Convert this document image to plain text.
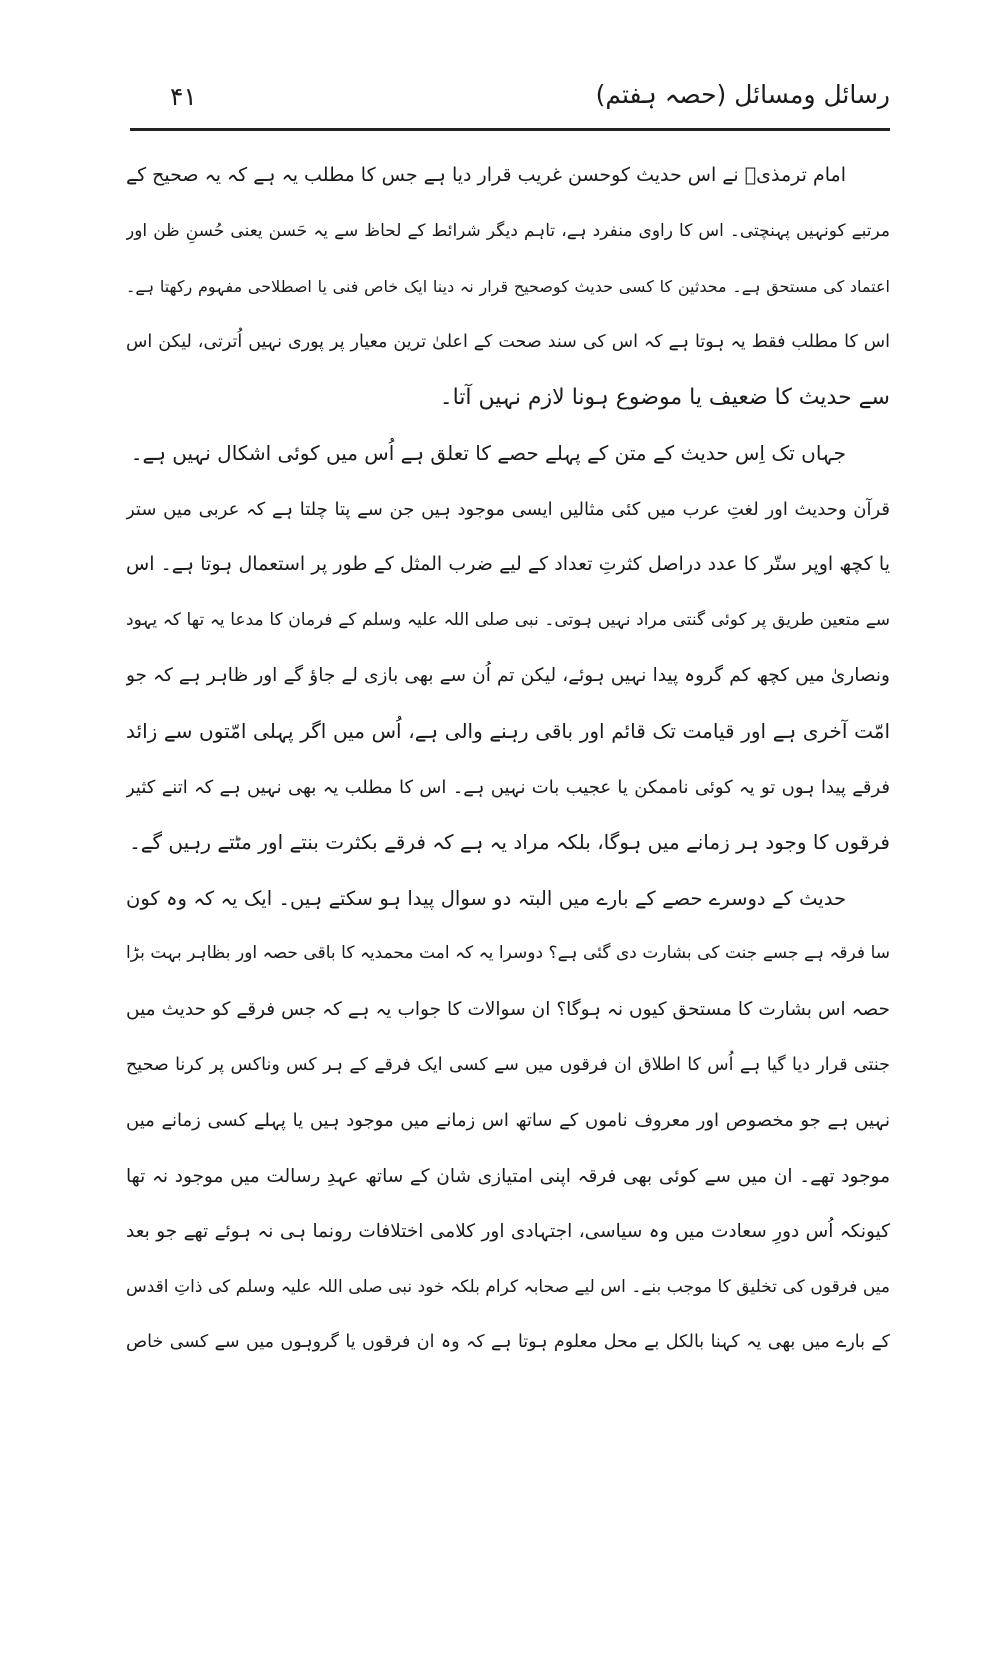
رسائل ومسائل (حصہ ہفتم)
۴۱
امام ترمذیؒ نے اس حدیث کوحسن غریب قرار دیا ہے جس کا مطلب یہ ہے کہ یہ صحیح کے
مرتبے کونہیں پہنچتی۔ اس کا راوی منفرد ہے، تاہم دیگر شرائط کے لحاظ سے یہ حَسن یعنی حُسنِ ظن اور
اعتماد کی مستحق ہے۔ محدثین کا کسی حدیث کوصحیح قرار نہ دینا ایک خاص فنی یا اصطلاحی مفہوم رکھتا ہے۔
اس کا مطلب فقط یہ ہوتا ہے کہ اس کی سند صحت کے اعلیٰ ترین معیار پر پوری نہیں اُترتی، لیکن اس
سے حدیث کا ضعیف یا موضوع ہونا لازم نہیں آتا۔
جہاں تک اِس حدیث کے متن کے پہلے حصے کا تعلق ہے اُس میں کوئی اشکال نہیں ہے۔
قرآن وحدیث اور لغتِ عرب میں کئی مثالیں ایسی موجود ہیں جن سے پتا چلتا ہے کہ عربی میں ستر
یا کچھ اوپر ستّر کا عدد دراصل کثرتِ تعداد کے لیے ضرب المثل کے طور پر استعمال ہوتا ہے۔ اس
سے متعین طریق پر کوئی گنتی مراد نہیں ہوتی۔ نبی صلی اللہ علیہ وسلم کے فرمان کا مدعا یہ تھا کہ یہود
ونصاریٰ میں کچھ کم گروہ پیدا نہیں ہوئے، لیکن تم اُن سے بھی بازی لے جاؤ گے اور ظاہر ہے کہ جو
امّت آخری ہے اور قیامت تک قائم اور باقی رہنے والی ہے، اُس میں اگر پہلی امّتوں سے زائد
فرقے پیدا ہوں تو یہ کوئی ناممکن یا عجیب بات نہیں ہے۔ اس کا مطلب یہ بھی نہیں ہے کہ اتنے کثیر
فرقوں کا وجود ہر زمانے میں ہوگا، بلکہ مراد یہ ہے کہ فرقے بکثرت بنتے اور مٹتے رہیں گے۔
حدیث کے دوسرے حصے کے بارے میں البتہ دو سوال پیدا ہو سکتے ہیں۔ ایک یہ کہ وہ کون
سا فرقہ ہے جسے جنت کی بشارت دی گئی ہے؟ دوسرا یہ کہ امت محمدیہ کا باقی حصہ اور بظاہر بہت بڑا
حصہ اس بشارت کا مستحق کیوں نہ ہوگا؟ ان سوالات کا جواب یہ ہے کہ جس فرقے کو حدیث میں
جنتی قرار دیا گیا ہے اُس کا اطلاق ان فرقوں میں سے کسی ایک فرقے کے ہر کس وناکس پر کرنا صحیح
نہیں ہے جو مخصوص اور معروف ناموں کے ساتھ اس زمانے میں موجود ہیں یا پہلے کسی زمانے میں
موجود تھے۔ ان میں سے کوئی بھی فرقہ اپنی امتیازی شان کے ساتھ عہدِ رسالت میں موجود نہ تھا
کیونکہ اُس دورِ سعادت میں وہ سیاسی، اجتہادی اور کلامی اختلافات رونما ہی نہ ہوئے تھے جو بعد
میں فرقوں کی تخلیق کا موجب بنے۔ اس لیے صحابہ کرام بلکہ خود نبی صلی اللہ علیہ وسلم کی ذاتِ اقدس
کے بارے میں بھی یہ کہنا بالکل بے محل معلوم ہوتا ہے کہ وہ ان فرقوں یا گروہوں میں سے کسی خاص
